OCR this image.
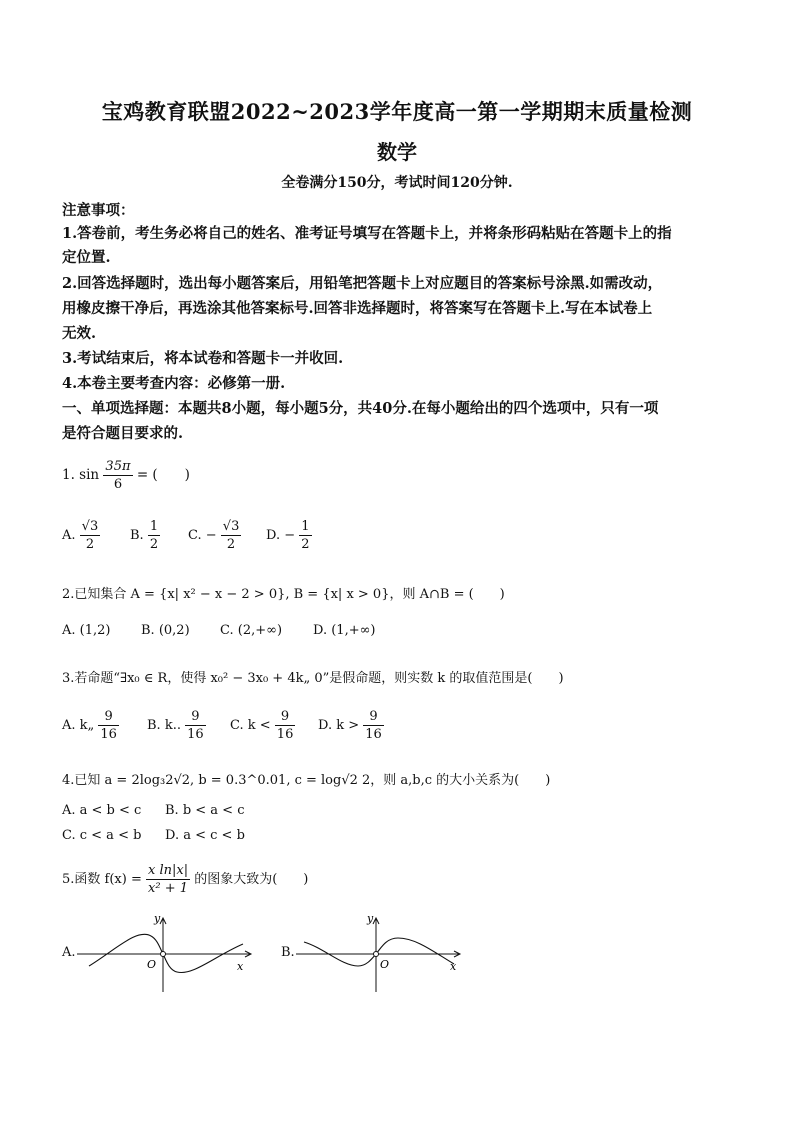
宝鸡教育联盟2022~2023学年度高一第一学期期末质量检测
数学
全卷满分150分，考试时间120分钟.
注意事项：
1.答卷前，考生务必将自己的姓名、准考证号填写在答题卡上，并将条形码粘贴在答题卡上的指
定位置.
2.回答选择题时，选出每小题答案后，用铅笔把答题卡上对应题目的答案标号涂黑.如需改动，
用橡皮擦干净后，再选涂其他答案标号.回答非选择题时，将答案写在答题卡上.写在本试卷上
无效.
3.考试结束后，将本试卷和答题卡一并收回.
4.本卷主要考查内容：必修第一册.
一、单项选择题：本题共8小题，每小题5分，共40分.在每小题给出的四个选项中，只有一项
是符合题目要求的.
1. $\sin \frac{35\pi}{6}$ = (　　)
A. $\frac{√3}{2} B$. $\frac{1}{2} C$. − $\frac{√3}{2} D$. − $\frac{1}{2}$
2.已知集合 A = {x| x² − x − 2 > 0}, B = {x| x > 0}，则 A∩B = (　　)
A. (1,2) B. (0,2) C. (2,+∞) D. (1,+∞)
3.若命题“∃x₀ ∈ R，使得 x₀² − 3x₀ + 4k„ 0”是假命题，则实数 k 的取值范围是(　　)
A. k„ $\frac{9}{16} B$. k.. $\frac{9}{16} C$. $k < \frac{9}{16} D$. $k > \frac{9}{16}$
4.已知 a = 2log₃2√2, b = 0.3^0.01, c = log√2 2，则 a,b,c 的大小关系为(　　)
A. a < b < c B. b < a < c
C. c < a < b D. a < c < b
5.函数 $f(x) = \frac{\text{x ln|x|}}{\text{x² + 1}}$ 的图象大致为(　　)
A.
x
y
O
B.
x
y
O
